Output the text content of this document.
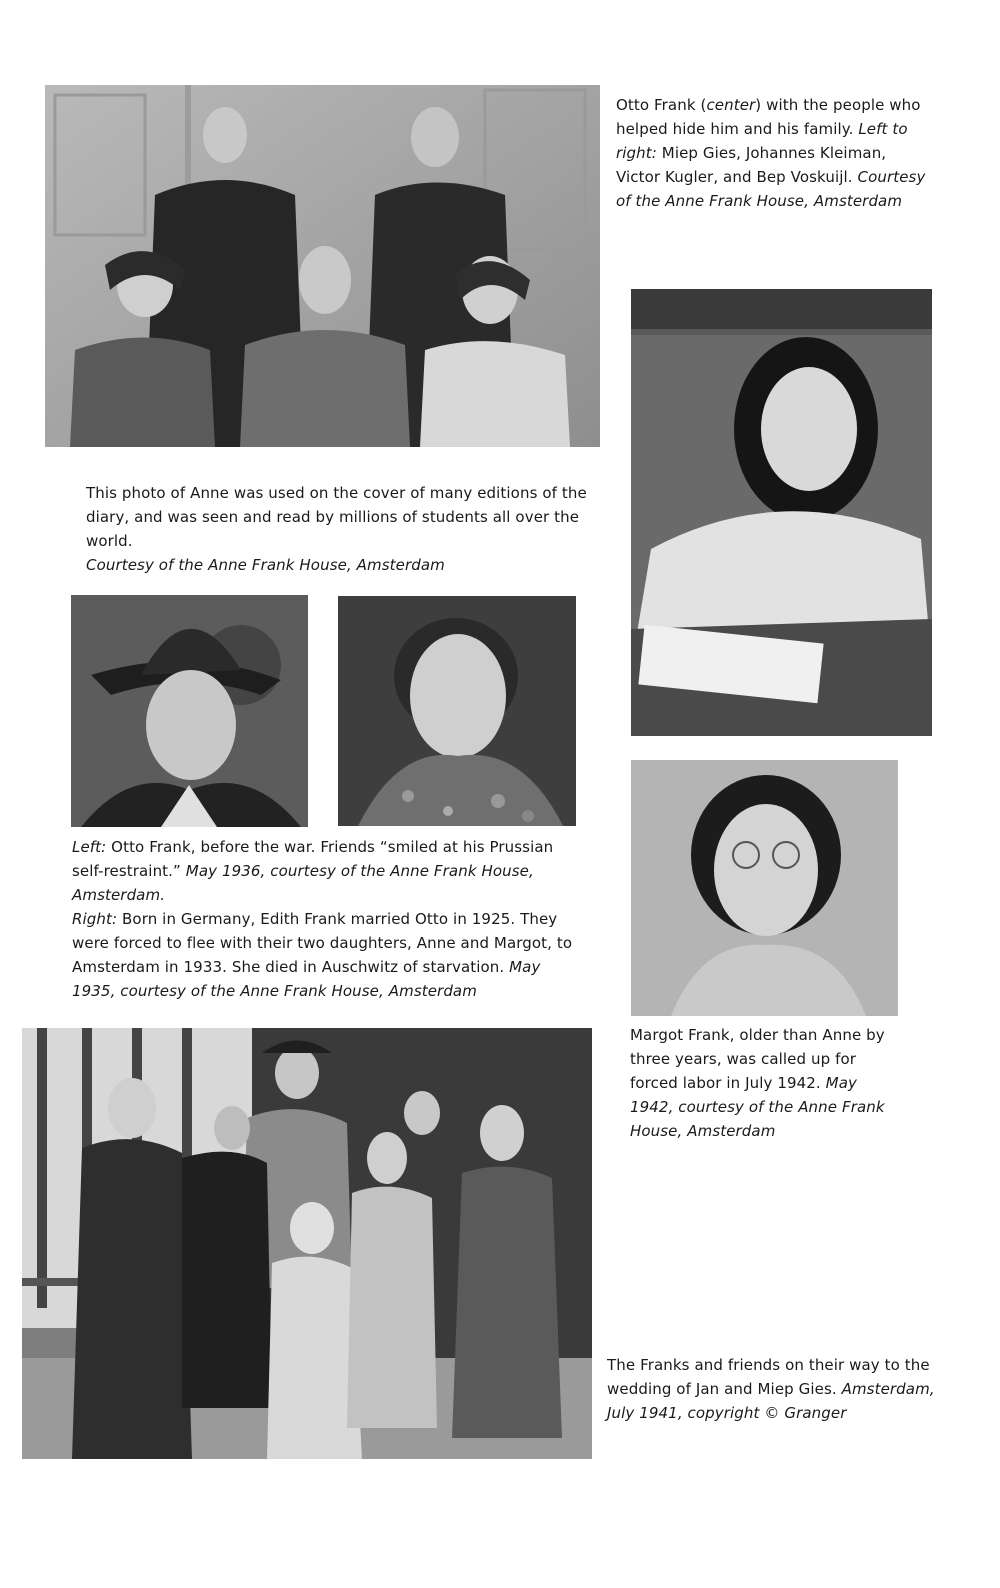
Otto Frank (center) with the people who helped hide him and his family. Left to right: Miep Gies, Johannes Kleiman, Victor Kugler, and Bep Voskuijl. Courtesy of the Anne Frank House, Amsterdam
This photo of Anne was used on the cover of many editions of the diary, and was seen and read by millions of students all over the world.
Courtesy of the Anne Frank House, Amsterdam
Left: Otto Frank, before the war. Friends “smiled at his Prussian self-restraint.” May 1936, courtesy of the Anne Frank House, Amsterdam.
Right: Born in Germany, Edith Frank married Otto in 1925. They were forced to flee with their two daughters, Anne and Margot, to Amsterdam in 1933. She died in Auschwitz of starvation. May 1935, courtesy of the Anne Frank House, Amsterdam
Margot Frank, older than Anne by three years, was called up for forced labor in July 1942. May 1942, courtesy of the Anne Frank House, Amsterdam
The Franks and friends on their way to the wedding of Jan and Miep Gies. Amsterdam, July 1941, copyright © Granger
